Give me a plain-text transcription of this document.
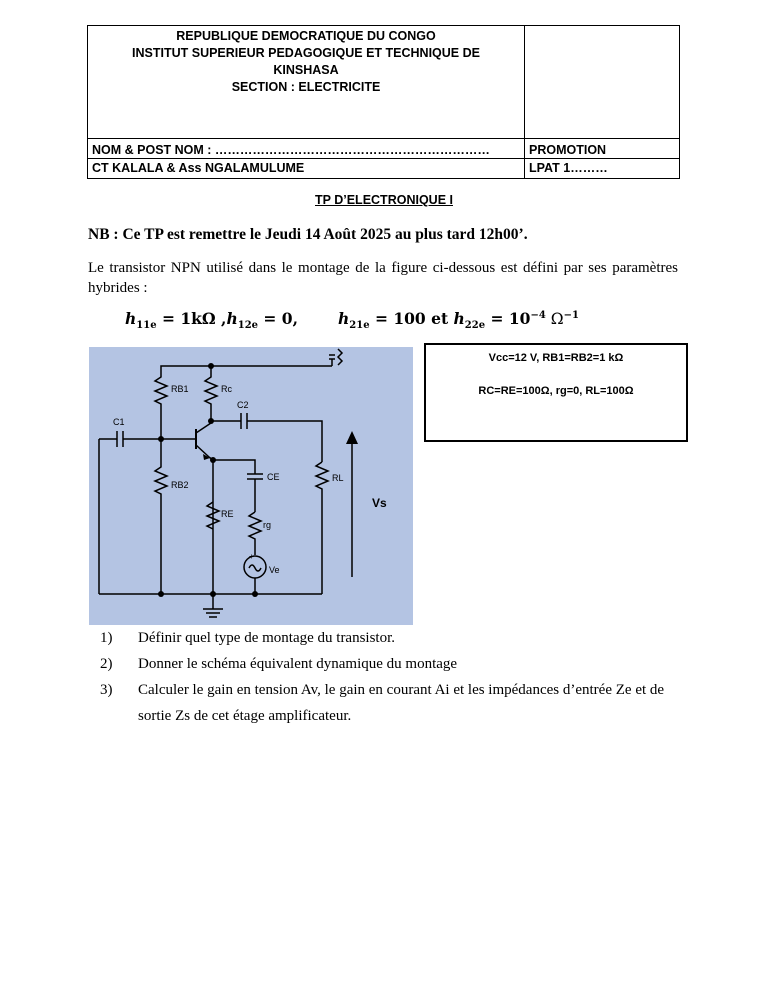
REPUBLIQUE DEMOCRATIQUE DU CONGO
INSTITUT SUPERIEUR PEDAGOGIQUE ET TECHNIQUE DE
KINSHASA
SECTION : ELECTRICITE	

NOM & POST NOM : …………………………………………………………	PROMOTION
CT KALALA & Ass NGALAMULUME	LPAT 1………
TP D’ELECTRONIQUE I
NB : Ce TP est remettre le Jeudi 14 Août 2025 au plus tard 12h00’.
Le transistor NPN utilisé dans le montage de la figure ci-dessous est défini par ses paramètres hybrides :
$h_{11e} = 1k\Omega$ $,h_{12e} = 0$,	$h_{21e} = 100$ et $h_{22e} = 10^{-4}$ $\Omega^{-1}$
RB1	Rc
C2
C1
RB2
CE	RL
RE
rg
Ve
+
Vs
Vcc=12 V, RB1=RB2=1 kΩ
RC=RE=100Ω, rg=0, RL=100Ω
1)	Définir quel type de montage du transistor.
2)	Donner le schéma équivalent dynamique du montage
3)	Calculer le gain en tension Av, le gain en courant Ai et les impédances d’entrée Ze et de sortie Zs de cet étage amplificateur.
